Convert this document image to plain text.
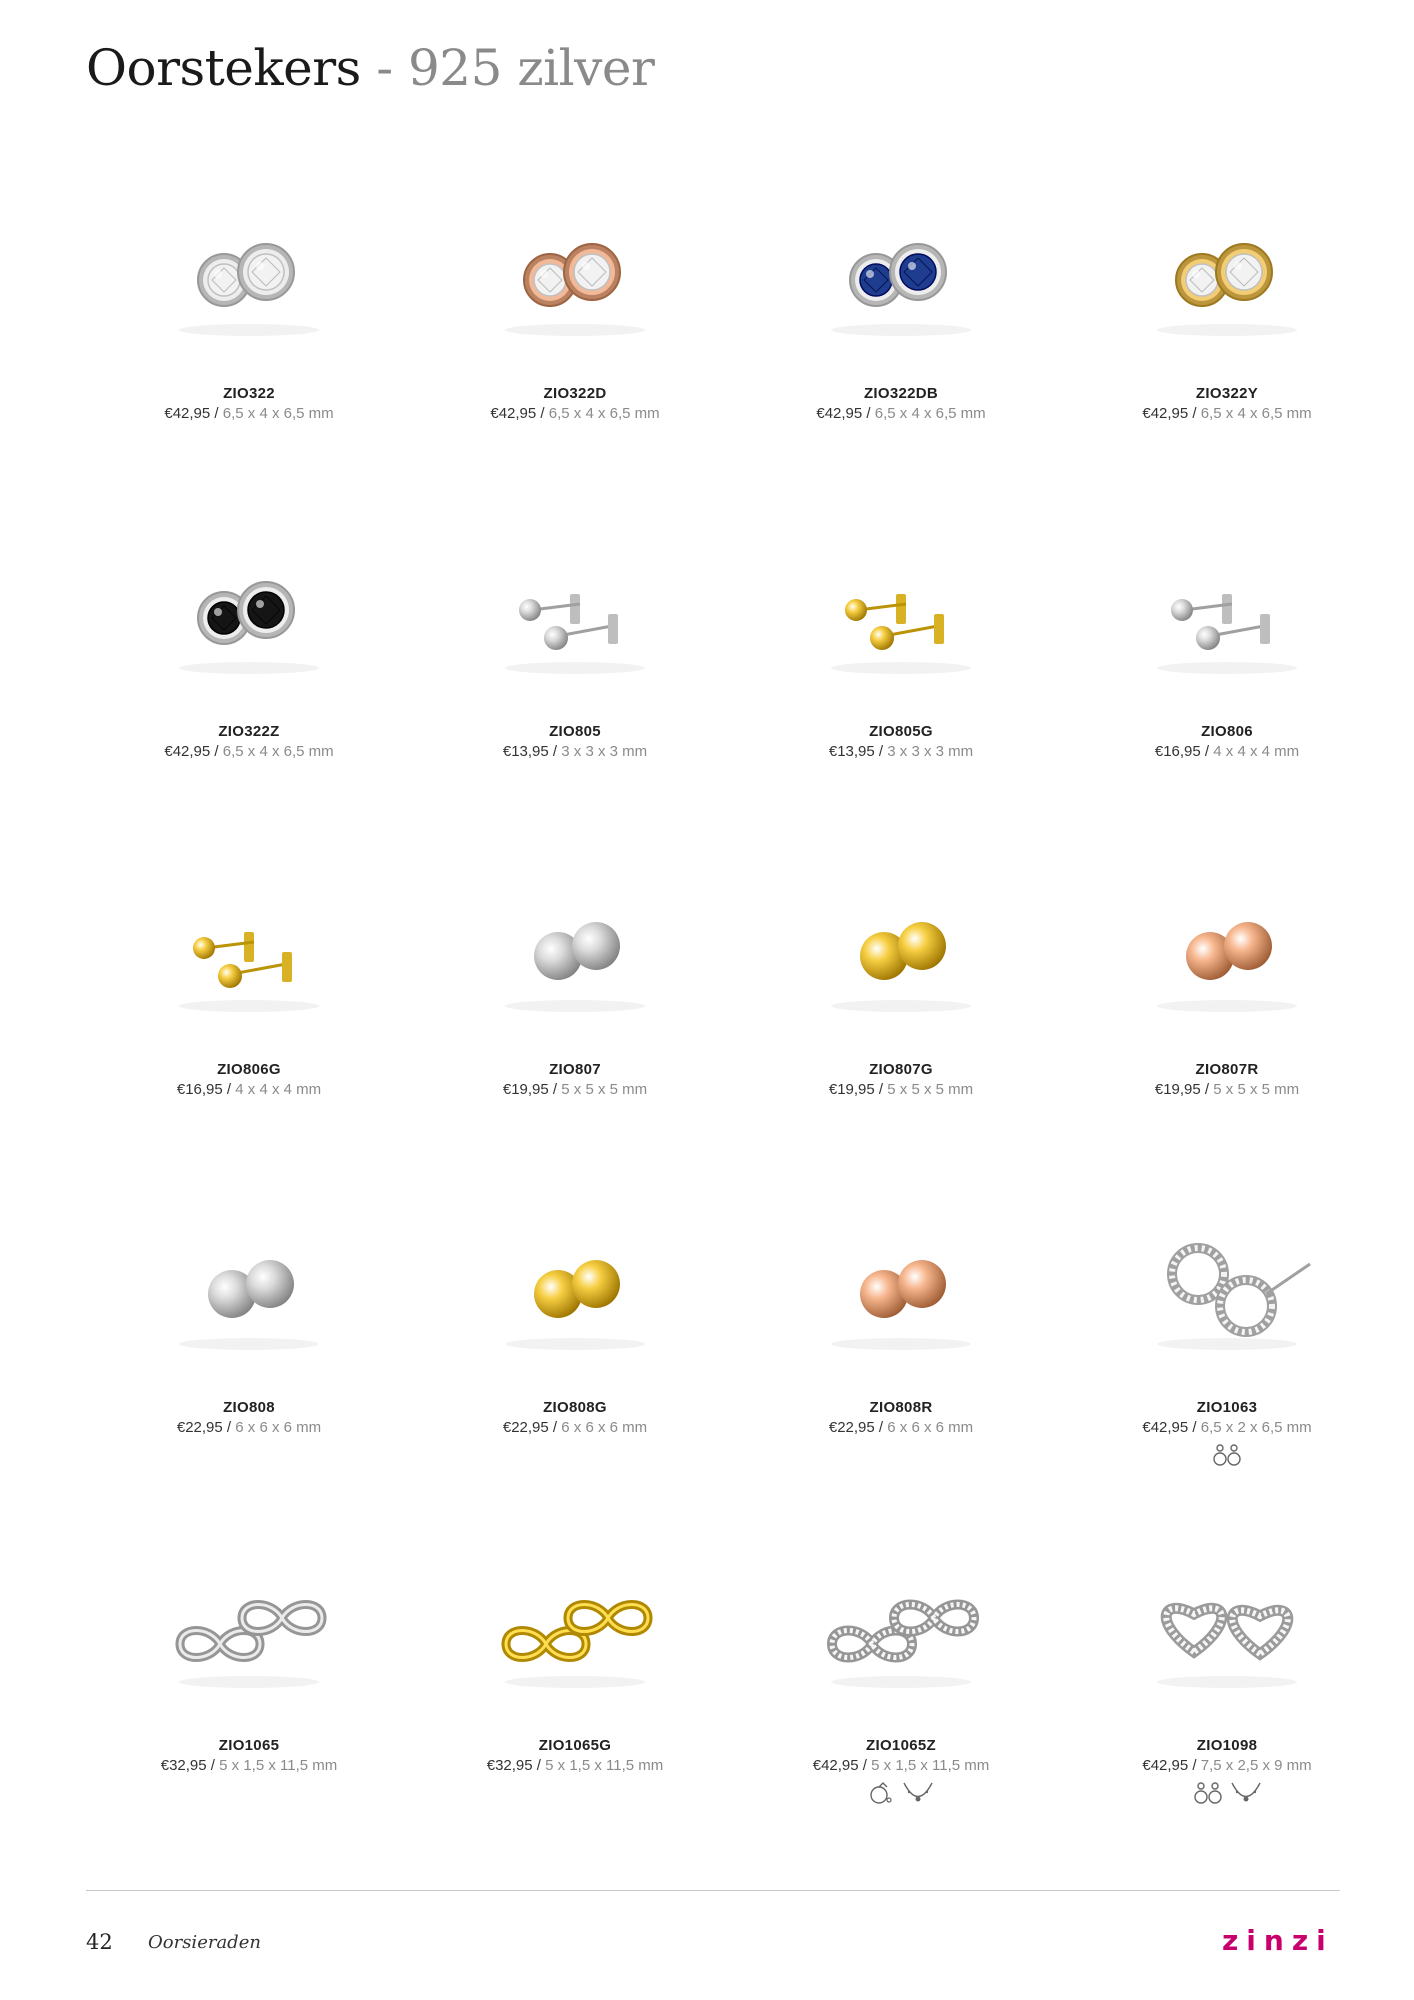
Oorstekers - 925 zilver
ZIO322
€42,95 / 6,5 x 4 x 6,5 mm
ZIO322D
€42,95 / 6,5 x 4 x 6,5 mm
ZIO322DB
€42,95 / 6,5 x 4 x 6,5 mm
ZIO322Y
€42,95 / 6,5 x 4 x 6,5 mm
ZIO322Z
€42,95 / 6,5 x 4 x 6,5 mm
ZIO805
€13,95 / 3 x 3 x 3 mm
ZIO805G
€13,95 / 3 x 3 x 3 mm
ZIO806
€16,95 / 4 x 4 x 4 mm
ZIO806G
€16,95 / 4 x 4 x 4 mm
ZIO807
€19,95 / 5 x 5 x 5 mm
ZIO807G
€19,95 / 5 x 5 x 5 mm
ZIO807R
€19,95 / 5 x 5 x 5 mm
ZIO808
€22,95 / 6 x 6 x 6 mm
ZIO808G
€22,95 / 6 x 6 x 6 mm
ZIO808R
€22,95 / 6 x 6 x 6 mm
ZIO1063
€42,95 / 6,5 x 2 x 6,5 mm
ZIO1065
€32,95 / 5 x 1,5 x 11,5 mm
ZIO1065G
€32,95 / 5 x 1,5 x 11,5 mm
ZIO1065Z
€42,95 / 5 x 1,5 x 11,5 mm
ZIO1098
€42,95 / 7,5 x 2,5 x 9 mm
42 Oorsieraden	zinzi
